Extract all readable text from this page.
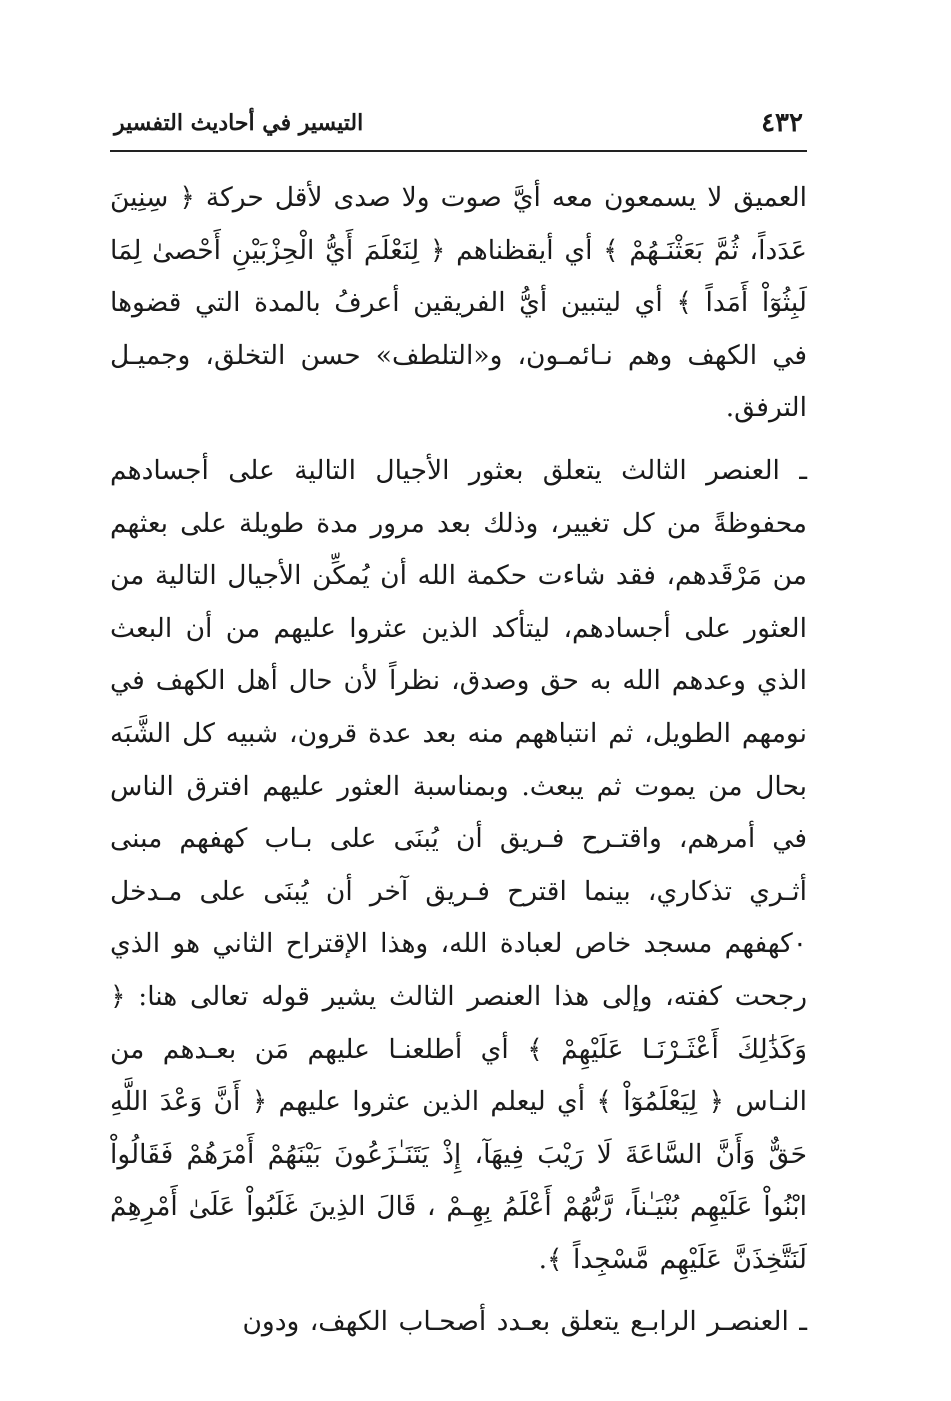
٤٣٢
التيسير في أحاديث التفسير

العميق لا يسمعون معه أيَّ صوت ولا صدى لأقل حركة ﴿ سِنِينَ عَدَداً، ثُمَّ بَعَثْنَـهُمْ ﴾ أي أيقظناهم ﴿ لِنَعْلَمَ أَيُّ الْحِزْبَيْنِ أَحْصىٰ لِمَا لَبِثُوٓاْ أَمَداً ﴾ أي ليتبين أيُّ الفريقين أعرفُ بالمدة التي قضوها في الكهف وهم نـائمـون، و«التلطف» حسن التخلق، وجميـل الترفق.

ـ العنصر الثالث يتعلق بعثور الأجيال التالية على أجسادهم محفوظةً من كل تغيير، وذلك بعد مرور مدة طويلة على بعثهم من مَرْقَدهم، فقد شاءت حكمة الله أن يُمكِّن الأجيال التالية من العثور على أجسادهم، ليتأكد الذين عثروا عليهم من أن البعث الذي وعدهم الله به حق وصدق، نظراً لأن حال أهل الكهف في نومهم الطويل، ثم انتباههم منه بعد عدة قرون، شبيه كل الشَّبَه بحال من يموت ثم يبعث. وبمناسبة العثور عليهم افترق الناس في أمرهم، واقتـرح فـريق أن يُبنَى على بـاب كهفهم مبنى أثـري تذكاري، بينما اقترح فـريق آخر أن يُبنَى على مـدخل ٠كهفهم مسجد خاص لعبادة الله، وهذا الإقتراح الثاني هو الذي رجحت كفته، وإلى هذا العنصر الثالث يشير قوله تعالى هنا: ﴿ وَكَذَٰلِكَ أَعْثَـرْنَـا عَلَيْهِمْ ﴾ أي أطلعنـا عليهم مَن بعـدهم من النـاس ﴿ لِيَعْلَمُوٓاْ ﴾ أي ليعلم الذين عثروا عليهم ﴿ أَنَّ وَعْدَ اللَّهِ حَقٌّ وَأَنَّ السَّاعَةَ لَا رَيْبَ فِيهَآ، إِذْ يَتَنَـٰزَعُونَ بَيْنَهُمْ أَمْرَهُمْ فَقَالُواْ ابْنُواْ عَلَيْهِم بُنْيَـٰناً، رَّبُّهُمْ أَعْلَمُ بِهِـمْ ، قَالَ الذِينَ غَلَبُواْ عَلَىٰ أَمْرِهِمْ لَنَتَّخِذَنَّ عَلَيْهِم مَّسْجِداً ﴾.

ـ العنصـر الرابـع يتعلق بعـدد أصحـاب الكهف، ودون
